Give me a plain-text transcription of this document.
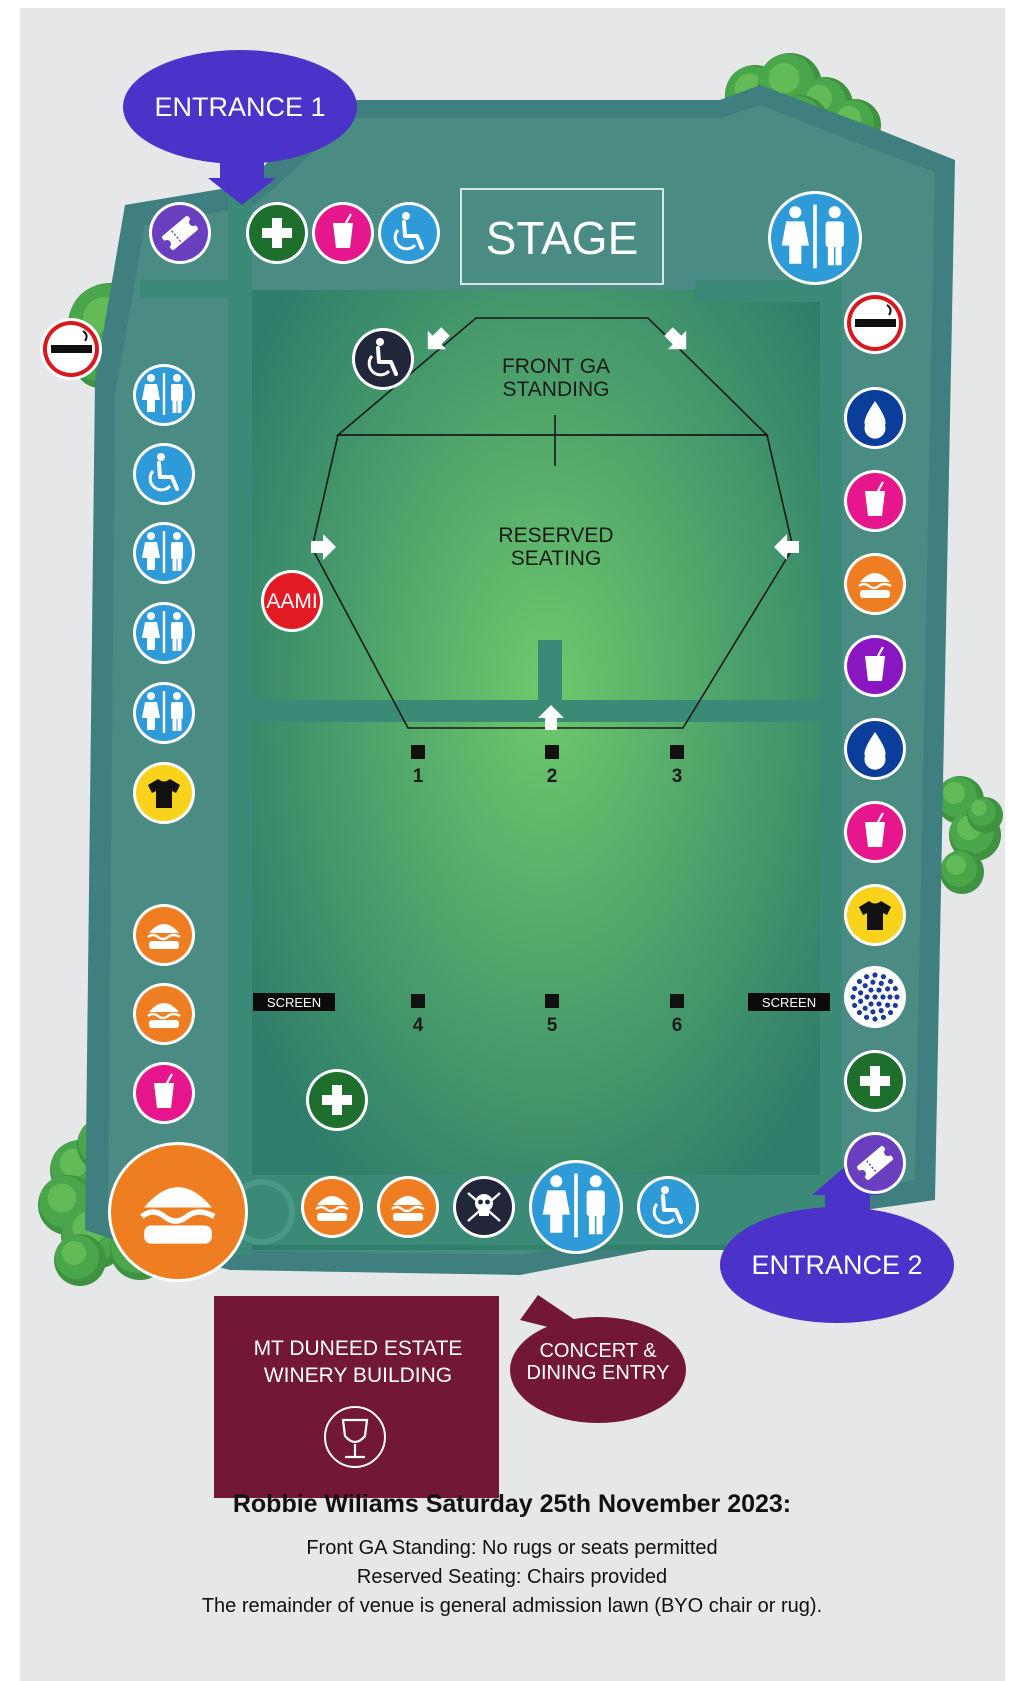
FRONT GA
STANDING
RESERVED
SEATING
STAGE
1	2	3
4	5	6
SCREEN	SCREEN
ENTRANCE 1
ENTRANCE 2
CONCERT &
DINING ENTRY
MT DUNEED ESTATE
WINERY BUILDING
AAMI

Robbie Wiliams Saturday 25th November 2023:

Front GA Standing: No rugs or seats permitted

Reserved Seating: Chairs provided

The remainder of venue is general admission lawn (BYO chair or rug).
